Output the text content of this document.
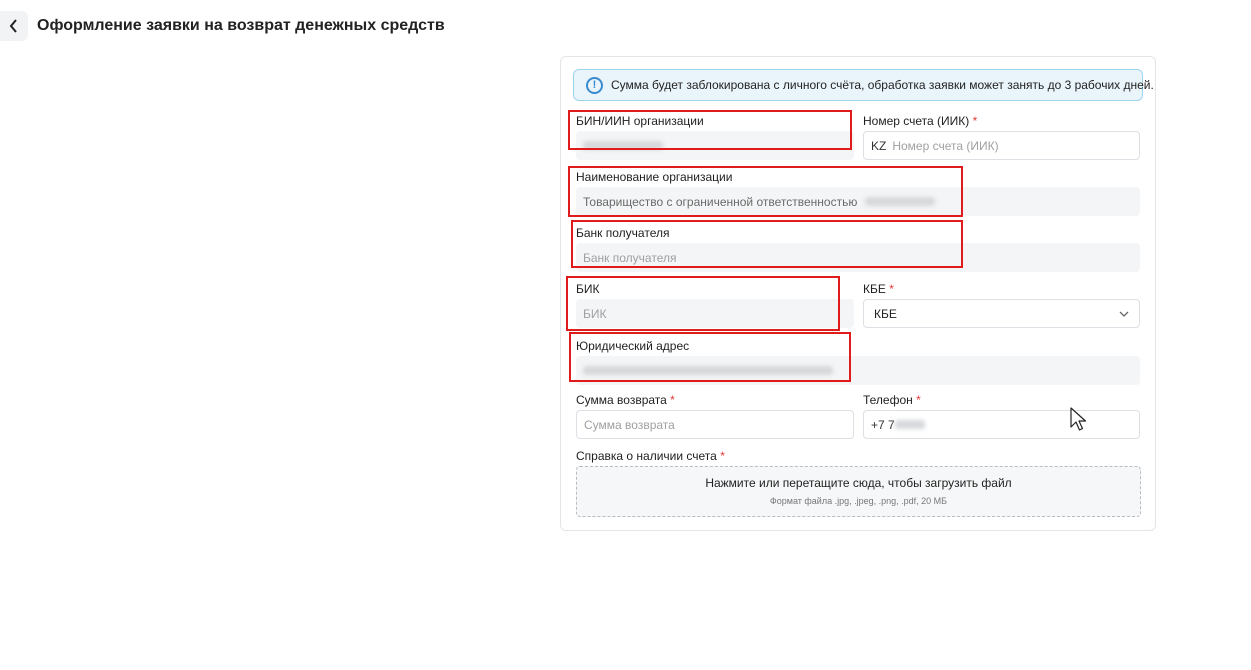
Оформление заявки на возврат денежных средств
!	Сумма будет заблокирована с личного счёта, обработка заявки может занять до 3 рабочих дней.
БИН/ИИН организации	Номер счета (ИИК) *
KZ Номер счета (ИИК)
Наименование организации
Товарищество с ограниченной ответственностью
Банк получателя
Банк получателя
БИК
БИК
КБЕ *
КБЕ
Юридический адрес
Сумма возврата *
Сумма возврата
Телефон *
+7 7
Справка о наличии счета *
Нажмите или перетащите сюда, чтобы загрузить файл
Формат файла .jpg, .jpeg, .png, .pdf, 20 МБ
